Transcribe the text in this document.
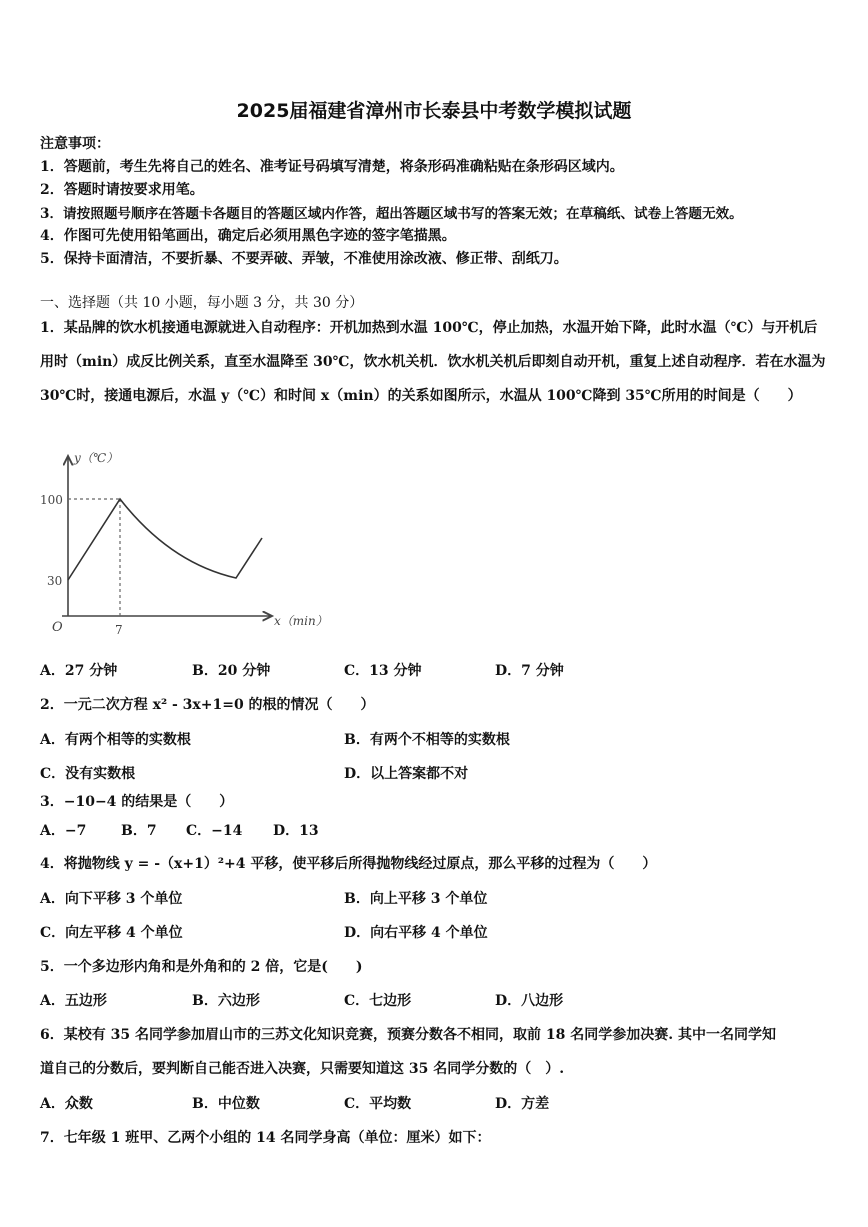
2025届福建省漳州市长泰县中考数学模拟试题
注意事项：
1．答题前，考生先将自己的姓名、准考证号码填写清楚，将条形码准确粘贴在条形码区域内。
2．答题时请按要求用笔。
3．请按照题号顺序在答题卡各题目的答题区域内作答，超出答题区域书写的答案无效；在草稿纸、试卷上答题无效。
4．作图可先使用铅笔画出，确定后必须用黑色字迹的签字笔描黑。
5．保持卡面清洁，不要折暴、不要弄破、弄皱，不准使用涂改液、修正带、刮纸刀。
一、选择题（共 10 小题，每小题 3 分，共 30 分）
1．某品牌的饮水机接通电源就进入自动程序：开机加热到水温 100℃，停止加热，水温开始下降，此时水温（℃）与开机后用时（min）成反比例关系，直至水温降至 30℃，饮水机关机．饮水机关机后即刻自动开机，重复上述自动程序．若在水温为 30℃时，接通电源后，水温 y（℃）和时间 x（min）的关系如图所示，水温从 100℃降到 35℃所用的时间是（　　）
y（℃）
x（min）
O
100
30
7
A．27 分钟	B．20 分钟	C．13 分钟	D．7 分钟
2．一元二次方程 x² - 3x+1=0 的根的情况（　　）
A．有两个相等的实数根	B．有两个不相等的实数根
C．没有实数根	D．以上答案都不对
3．−10−4 的结果是（　　）
A．−7 B．7 C．−14 D．13
4．将抛物线 y = -（x+1）²+4 平移，使平移后所得抛物线经过原点，那么平移的过程为（　　）
A．向下平移 3 个单位	B．向上平移 3 个单位
C．向左平移 4 个单位	D．向右平移 4 个单位
5．一个多边形内角和是外角和的 2 倍，它是(　　)
A．五边形	B．六边形	C．七边形	D．八边形
6．某校有 35 名同学参加眉山市的三苏文化知识竞赛，预赛分数各不相同，取前 18 名同学参加决赛. 其中一名同学知
道自己的分数后，要判断自己能否进入决赛，只需要知道这 35 名同学分数的（　）.
A．众数	B．中位数	C．平均数	D．方差
7．七年级 1 班甲、乙两个小组的 14 名同学身高（单位：厘米）如下：
